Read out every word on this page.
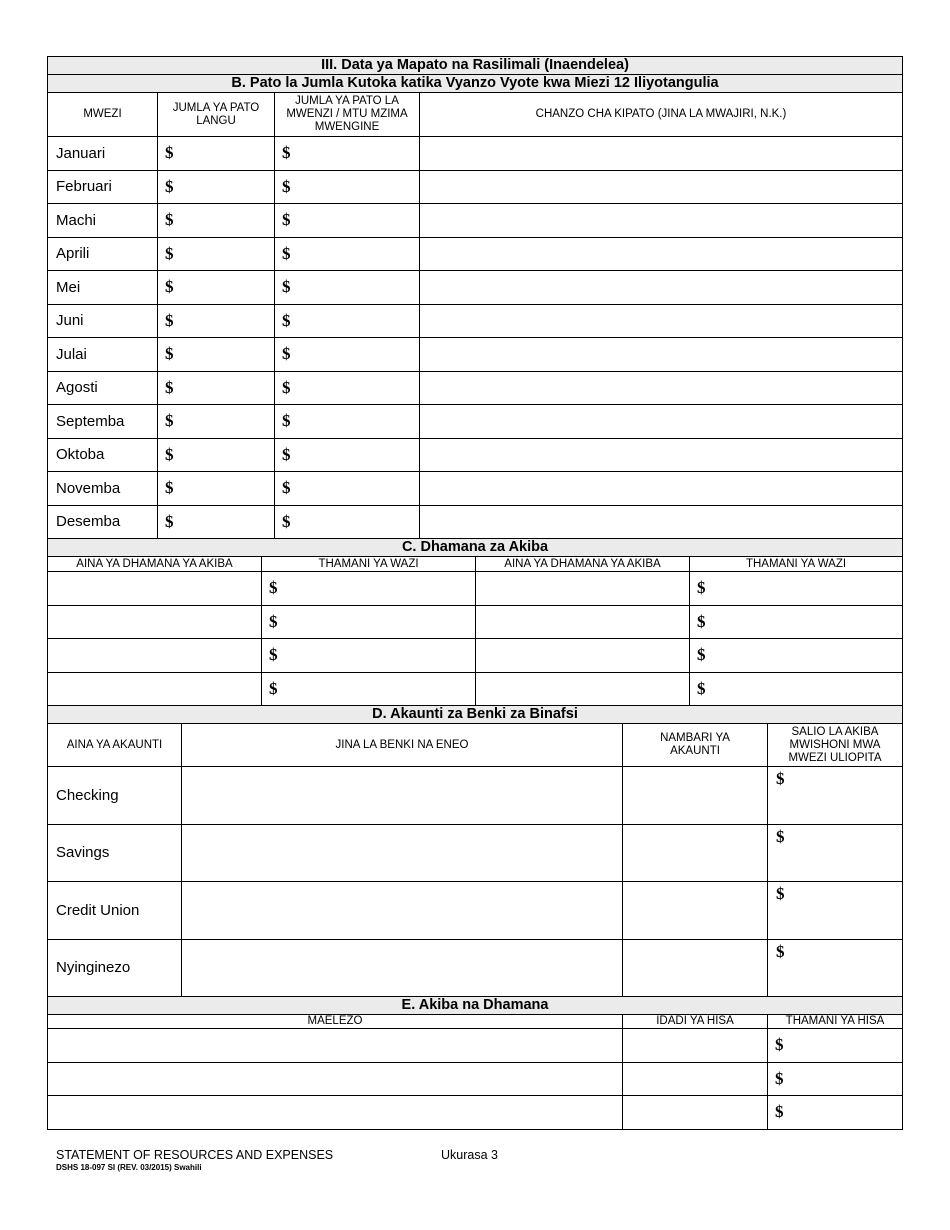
III. Data ya Mapato na Rasilimali (Inaendelea)			
B. Pato la Jumla Kutoka katika Vyanzo Vyote kwa Miezi 12 Iliyotangulia			
MWEZI	JUMLA YA PATO LANGU	JUMLA YA PATO LA MWENZI / MTU MZIMA MWENGINE	CHANZO CHA KIPATO (JINA LA MWAJIRI, N.K.)
Januari	$	$	
Februari	$	$	
Machi	$	$	
Aprili	$	$	
Mei	$	$	
Juni	$	$	
Julai	$	$	
Agosti	$	$	
Septemba	$	$	
Oktoba	$	$	
Novemba	$	$	
Desemba	$	$	
C. Dhamana za Akiba			
AINA YA DHAMANA YA AKIBA	THAMANI YA WAZI	AINA YA DHAMANA YA AKIBA	THAMANI YA WAZI
	$		$
	$		$
	$		$
	$		$
D. Akaunti za Benki za Binafsi			
AINA YA AKAUNTI	JINA LA BENKI NA ENEO	NAMBARI YA AKAUNTI	SALIO LA AKIBA MWISHONI MWA MWEZI ULIOPITA
Checking			$
Savings			$
Credit Union			$
Nyinginezo			$
E. Akiba na Dhamana		
MAELEZO	IDADI YA HISA	THAMANI YA HISA
		$
		$
		$
STATEMENT OF RESOURCES AND EXPENSES
DSHS 18-097 SI (REV. 03/2015) Swahili
Ukurasa 3
